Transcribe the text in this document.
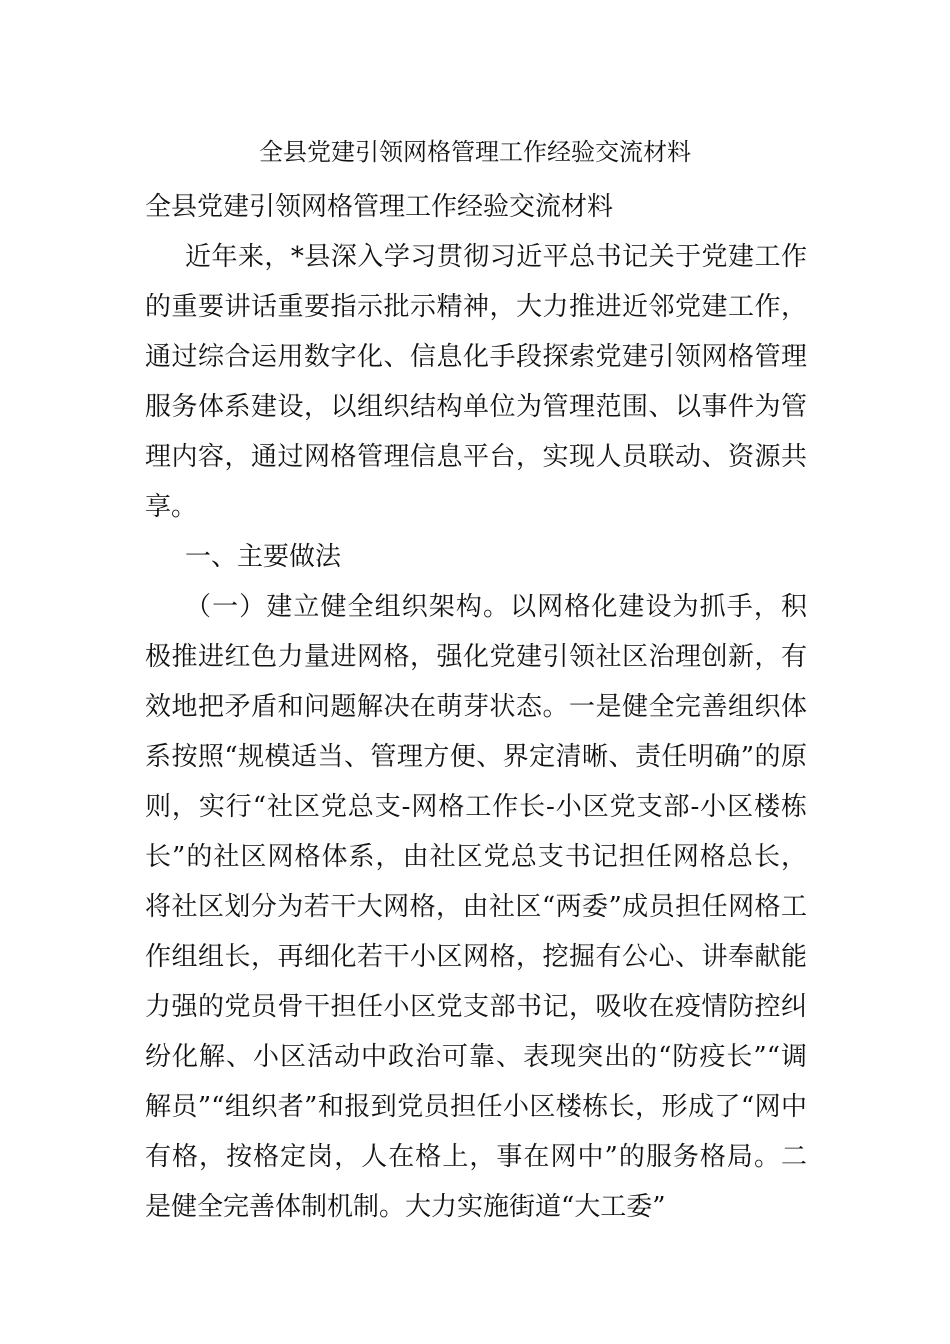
全县党建引领网格管理工作经验交流材料

全县党建引领网格管理工作经验交流材料

近年来，*县深入学习贯彻习近平总书记关于党建工作的重要讲话重要指示批示精神，大力推进近邻党建工作，通过综合运用数字化、信息化手段探索党建引领网格管理服务体系建设，以组织结构单位为管理范围、以事件为管理内容，通过网格管理信息平台，实现人员联动、资源共享。

一、主要做法

（一）建立健全组织架构。以网格化建设为抓手，积极推进红色力量进网格，强化党建引领社区治理创新，有效地把矛盾和问题解决在萌芽状态。一是健全完善组织体系按照“规模适当、管理方便、界定清晰、责任明确”的原则，实行“社区党总支-网格工作长-小区党支部-小区楼栋长”的社区网格体系，由社区党总支书记担任网格总长，将社区划分为若干大网格，由社区“两委”成员担任网格工作组组长，再细化若干小区网格，挖掘有公心、讲奉献能力强的党员骨干担任小区党支部书记，吸收在疫情防控纠纷化解、小区活动中政治可靠、表现突出的“防疫长”“调解员”“组织者”和报到党员担任小区楼栋长，形成了“网中有格，按格定岗，人在格上，事在网中”的服务格局。二是健全完善体制机制。大力实施街道“大工委”
